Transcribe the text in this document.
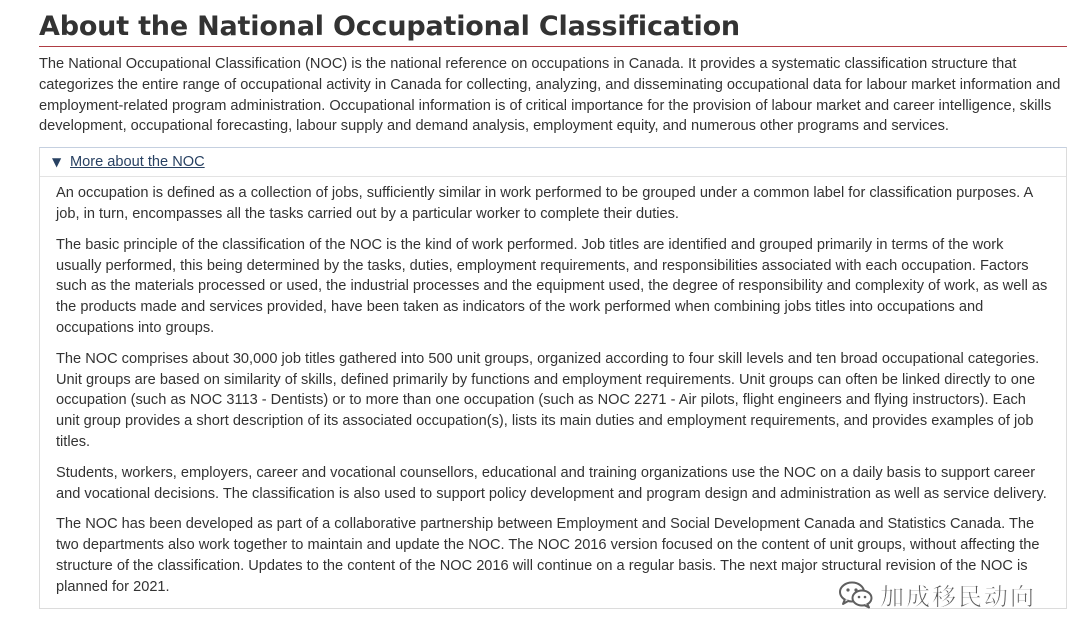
About the National Occupational Classification

The National Occupational Classification (NOC) is the national reference on occupations in Canada. It provides a systematic classification structure that categorizes the entire range of occupational activity in Canada for collecting, analyzing, and disseminating occupational data for labour market information and employment-related program administration. Occupational information is of critical importance for the provision of labour market and career intelligence, skills development, occupational forecasting, labour supply and demand analysis, employment equity, and numerous other programs and services.

▼ More about the NOC

An occupation is defined as a collection of jobs, sufficiently similar in work performed to be grouped under a common label for classification purposes. A job, in turn, encompasses all the tasks carried out by a particular worker to complete their duties.

The basic principle of the classification of the NOC is the kind of work performed. Job titles are identified and grouped primarily in terms of the work usually performed, this being determined by the tasks, duties, employment requirements, and responsibilities associated with each occupation. Factors such as the materials processed or used, the industrial processes and the equipment used, the degree of responsibility and complexity of work, as well as the products made and services provided, have been taken as indicators of the work performed when combining jobs titles into occupations and occupations into groups.

The NOC comprises about 30,000 job titles gathered into 500 unit groups, organized according to four skill levels and ten broad occupational categories. Unit groups are based on similarity of skills, defined primarily by functions and employment requirements. Unit groups can often be linked directly to one occupation (such as NOC 3113 - Dentists) or to more than one occupation (such as NOC 2271 - Air pilots, flight engineers and flying instructors). Each unit group provides a short description of its associated occupation(s), lists its main duties and employment requirements, and provides examples of job titles.

Students, workers, employers, career and vocational counsellors, educational and training organizations use the NOC on a daily basis to support career and vocational decisions. The classification is also used to support policy development and program design and administration as well as service delivery.

The NOC has been developed as part of a collaborative partnership between Employment and Social Development Canada and Statistics Canada. The two departments also work together to maintain and update the NOC. The NOC 2016 version focused on the content of unit groups, without affecting the structure of the classification. Updates to the content of the NOC 2016 will continue on a regular basis. The next major structural revision of the NOC is planned for 2021.	加成移民动向
